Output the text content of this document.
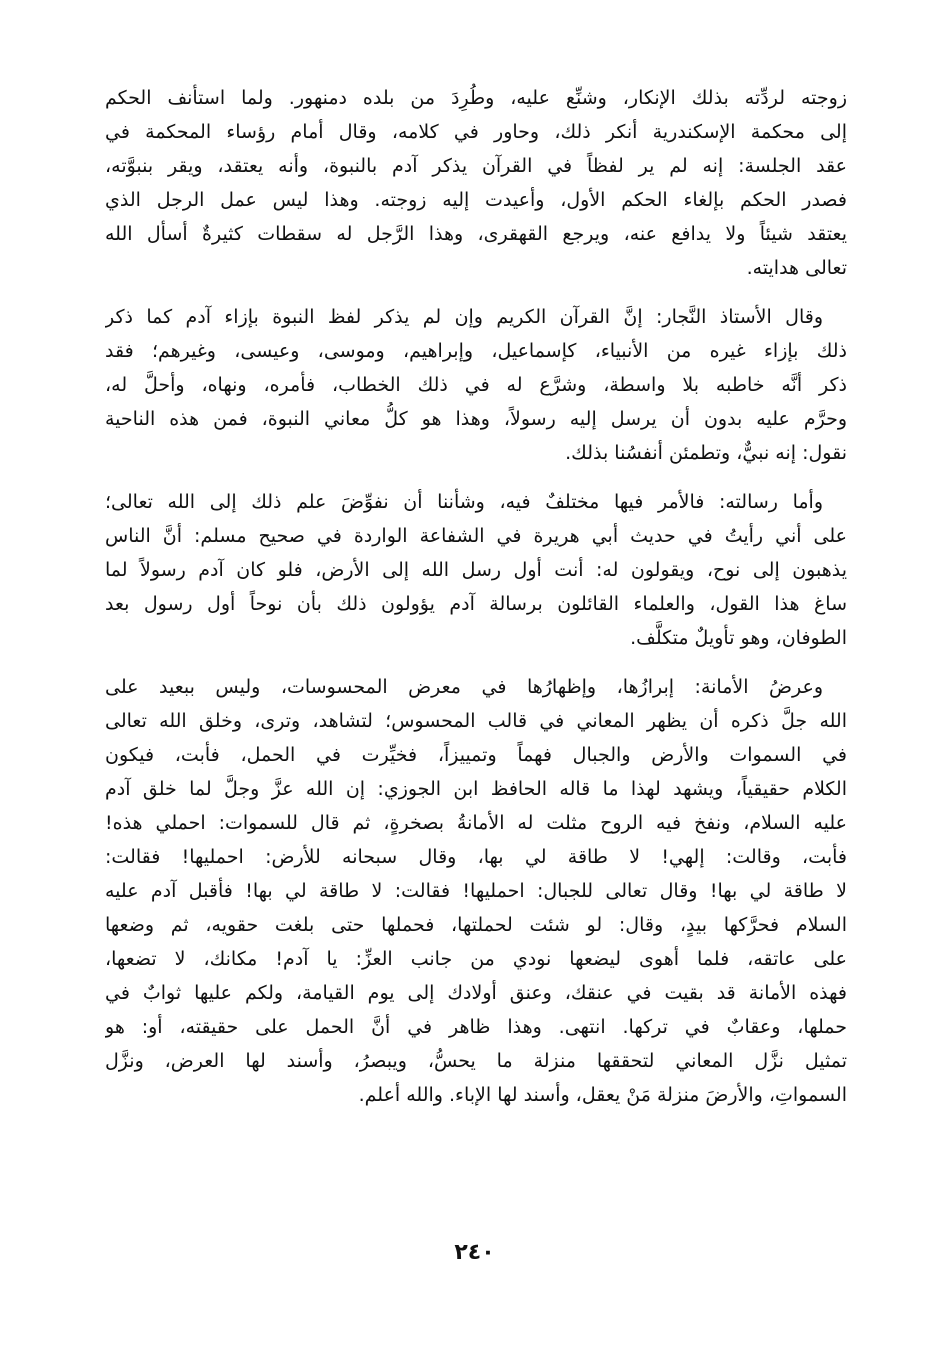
زوجته لردِّته بذلك الإنكار، وشنِّع عليه، وطُرِدَ من بلده دمنهور. ولما استأنف الحكم
إلى محكمة الإسكندرية أنكر ذلك، وحاور في كلامه، وقال أمام رؤساء المحكمة في
عقد الجلسة: إنه لم ير لفظاً في القرآن يذكر آدم بالنبوة، وأنه يعتقد، ويقر بنبوَّته،
فصدر الحكم بإلغاء الحكم الأول، وأعيدت إليه زوجته. وهذا ليس عمل الرجل الذي
يعتقد شيئاً ولا يدافع عنه، ويرجع القهقرى، وهذا الرَّجل له سقطات كثيرةٌ أسأل الله
تعالى هدايته.
وقال الأستاذ النَّجار: إنَّ القرآن الكريم وإن لم يذكر لفظ النبوة بإزاء آدم كما ذكر
ذلك بإزاء غيره من الأنبياء، كإسماعيل، وإبراهيم، وموسى، وعيسى، وغيرهم؛ فقد
ذكر أنَّه خاطبه بلا واسطة، وشرَّع له في ذلك الخطاب، فأمره، ونهاه، وأحلَّ له،
وحرَّم عليه بدون أن يرسل إليه رسولاً، وهذا هو كلُّ معاني النبوة، فمن هذه الناحية
نقول: إنه نبيٌّ، وتطمئن أنفسُنا بذلك.
وأما رسالته: فالأمر فيها مختلفٌ فيه، وشأننا أن نفوِّضَ علم ذلك إلى الله تعالى؛
على أني رأيتُ في حديث أبي هريرة في الشفاعة الواردة في صحيح مسلم: أنَّ الناس
يذهبون إلى نوح، ويقولون له: أنت أول رسل الله إلى الأرض، فلو كان آدم رسولاً لما
ساغ هذا القول، والعلماء القائلون برسالة آدم يؤولون ذلك بأن نوحاً أول رسول بعد
الطوفان، وهو تأويلٌ متكلَّف.
وعرضُ الأمانة: إبرازُها، وإظهارُها في معرض المحسوسات، وليس ببعيد على
الله جلَّ ذكره أن يظهر المعاني في قالب المحسوس؛ لتشاهد، وترى، وخلق الله تعالى
في السموات والأرض والجبال فهماً وتمييزاً، فخيِّرت في الحمل، فأبت، فيكون
الكلام حقيقياً، ويشهد لهذا ما قاله الحافظ ابن الجوزي: إن الله عزَّ وجلَّ لما خلق آدم
عليه السلام، ونفخ فيه الروح مثلت له الأمانةُ بصخرةٍ، ثم قال للسموات: احملي هذه!
فأبت، وقالت: إلهي! لا طاقة لي بها، وقال سبحانه للأرض: احمليها! فقالت:
لا طاقة لي بها! وقال تعالى للجبال: احمليها! فقالت: لا طاقة لي بها! فأقبل آدم عليه
السلام فحرَّكها بيدٍ، وقال: لو شئت لحملتها، فحملها حتى بلغت حقويه، ثم وضعها
على عاتقه، فلما أهوى ليضعها نودي من جانب العزِّ: يا آدم! مكانك، لا تضعها،
فهذه الأمانة قد بقيت في عنقك، وعنق أولادك إلى يوم القيامة، ولكم عليها ثوابٌ في
حملها، وعقابٌ في تركها. انتهى. وهذا ظاهر في أنَّ الحمل على حقيقته، أو: هو
تمثيل نزَّل المعاني لتحققها منزلة ما يحسُّ، ويبصرُ، وأسند لها العرض، ونزَّل
السمواتِ، والأرضَ منزلة مَنْ يعقل، وأسند لها الإباء. والله أعلم.
٢٤٠
